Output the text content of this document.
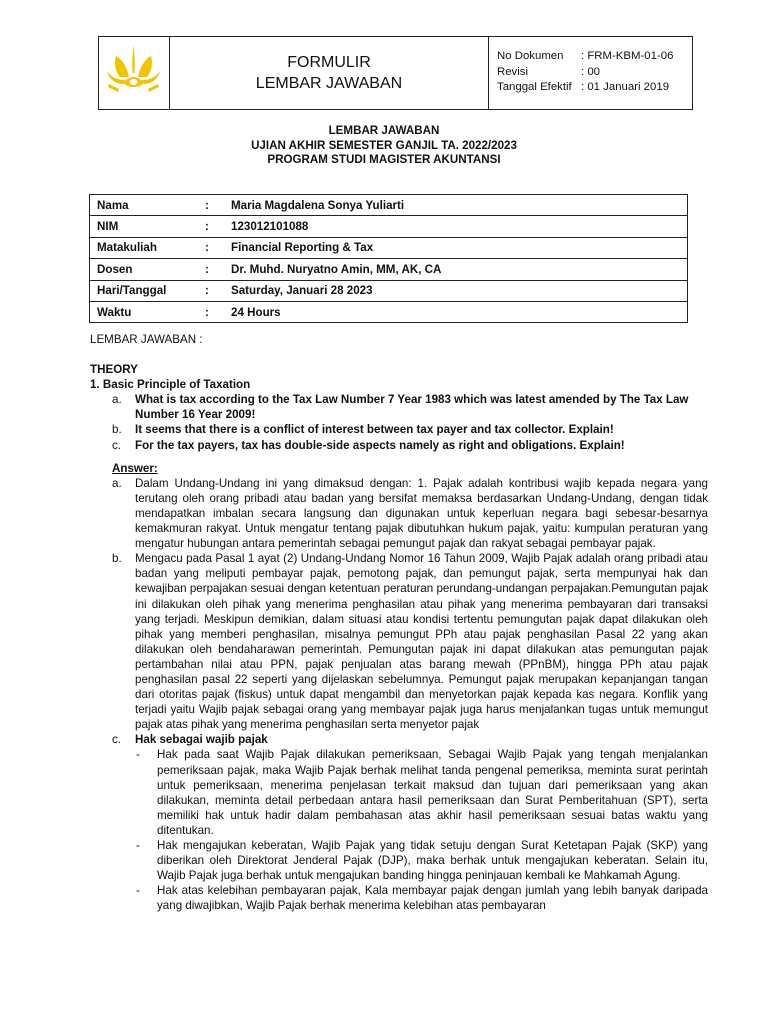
FORMULIR
LEMBAR JAWABAN
No Dokumen	: FRM-KBM-01-06
Revisi	: 00
Tanggal Efektif : 01 Januari 2019
LEMBAR JAWABAN
UJIAN AKHIR SEMESTER GANJIL TA. 2022/2023
PROGRAM STUDI MAGISTER AKUNTANSI
Nama	:	Maria Magdalena Sonya Yuliarti
NIM	:	123012101088
Matakuliah	:	Financial Reporting & Tax
Dosen	:	Dr. Muhd. Nuryatno Amin, MM, AK, CA
Hari/Tanggal	:	Saturday, Januari 28 2023
Waktu	:	24 Hours

LEMBAR JAWABAN :

THEORY

1. Basic Principle of Taxation

a. What is tax according to the Tax Law Number 7 Year 1983 which was latest amended by The Tax Law Number 16 Year 2009!
b. It seems that there is a conflict of interest between tax payer and tax collector. Explain!
c. For the tax payers, tax has double-side aspects namely as right and obligations. Explain!

Answer:

a. Dalam Undang-Undang ini yang dimaksud dengan: 1. Pajak adalah kontribusi wajib kepada negara yang terutang oleh orang pribadi atau badan yang bersifat memaksa berdasarkan Undang-Undang, dengan tidak mendapatkan imbalan secara langsung dan digunakan untuk keperluan negara bagi sebesar-besarnya kemakmuran rakyat. Untuk mengatur tentang pajak dibutuhkan hukum pajak, yaitu: kumpulan peraturan yang mengatur hubungan antara pemerintah sebagai pemungut pajak dan rakyat sebagai pembayar pajak.
b. Mengacu pada Pasal 1 ayat (2) Undang-Undang Nomor 16 Tahun 2009, Wajib Pajak adalah orang pribadi atau badan yang meliputi pembayar pajak, pemotong pajak, dan pemungut pajak, serta mempunyai hak dan kewajiban perpajakan sesuai dengan ketentuan peraturan perundang-undangan perpajakan.Pemungutan pajak ini dilakukan oleh pihak yang menerima penghasilan atau pihak yang menerima pembayaran dari transaksi yang terjadi. Meskipun demikian, dalam situasi atau kondisi tertentu pemungutan pajak dapat dilakukan oleh pihak yang memberi penghasilan, misalnya pemungut PPh atau pajak penghasilan Pasal 22 yang akan dilakukan oleh bendaharawan pemerintah. Pemungutan pajak ini dapat dilakukan atas pemungutan pajak pertambahan nilai atau PPN, pajak penjualan atas barang mewah (PPnBM), hingga PPh atau pajak penghasilan pasal 22 seperti yang dijelaskan sebelumnya. Pemungut pajak merupakan kepanjangan tangan dari otoritas pajak (fiskus) untuk dapat mengambil dan menyetorkan pajak kepada kas negara. Konflik yang terjadi yaitu Wajib pajak sebagai orang yang membayar pajak juga harus menjalankan tugas untuk memungut pajak atas pihak yang menerima penghasilan serta menyetor pajak
c. Hak sebagai wajib pajak
- Hak pada saat Wajib Pajak dilakukan pemeriksaan, Sebagai Wajib Pajak yang tengah menjalankan pemeriksaan pajak, maka Wajib Pajak berhak melihat tanda pengenal pemeriksa, meminta surat perintah untuk pemeriksaan, menerima penjelasan terkait maksud dan tujuan dari pemeriksaan yang akan dilakukan, meminta detail perbedaan antara hasil pemeriksaan dan Surat Pemberitahuan (SPT), serta memiliki hak untuk hadir dalam pembahasan atas akhir hasil pemeriksaan sesuai batas waktu yang ditentukan.
- Hak mengajukan keberatan, Wajib Pajak yang tidak setuju dengan Surat Ketetapan Pajak (SKP) yang diberikan oleh Direktorat Jenderal Pajak (DJP), maka berhak untuk mengajukan keberatan. Selain itu, Wajib Pajak juga berhak untuk mengajukan banding hingga peninjauan kembali ke Mahkamah Agung.
- Hak atas kelebihan pembayaran pajak, Kala membayar pajak dengan jumlah yang lebih banyak daripada yang diwajibkan, Wajib Pajak berhak menerima kelebihan atas pembayaran
